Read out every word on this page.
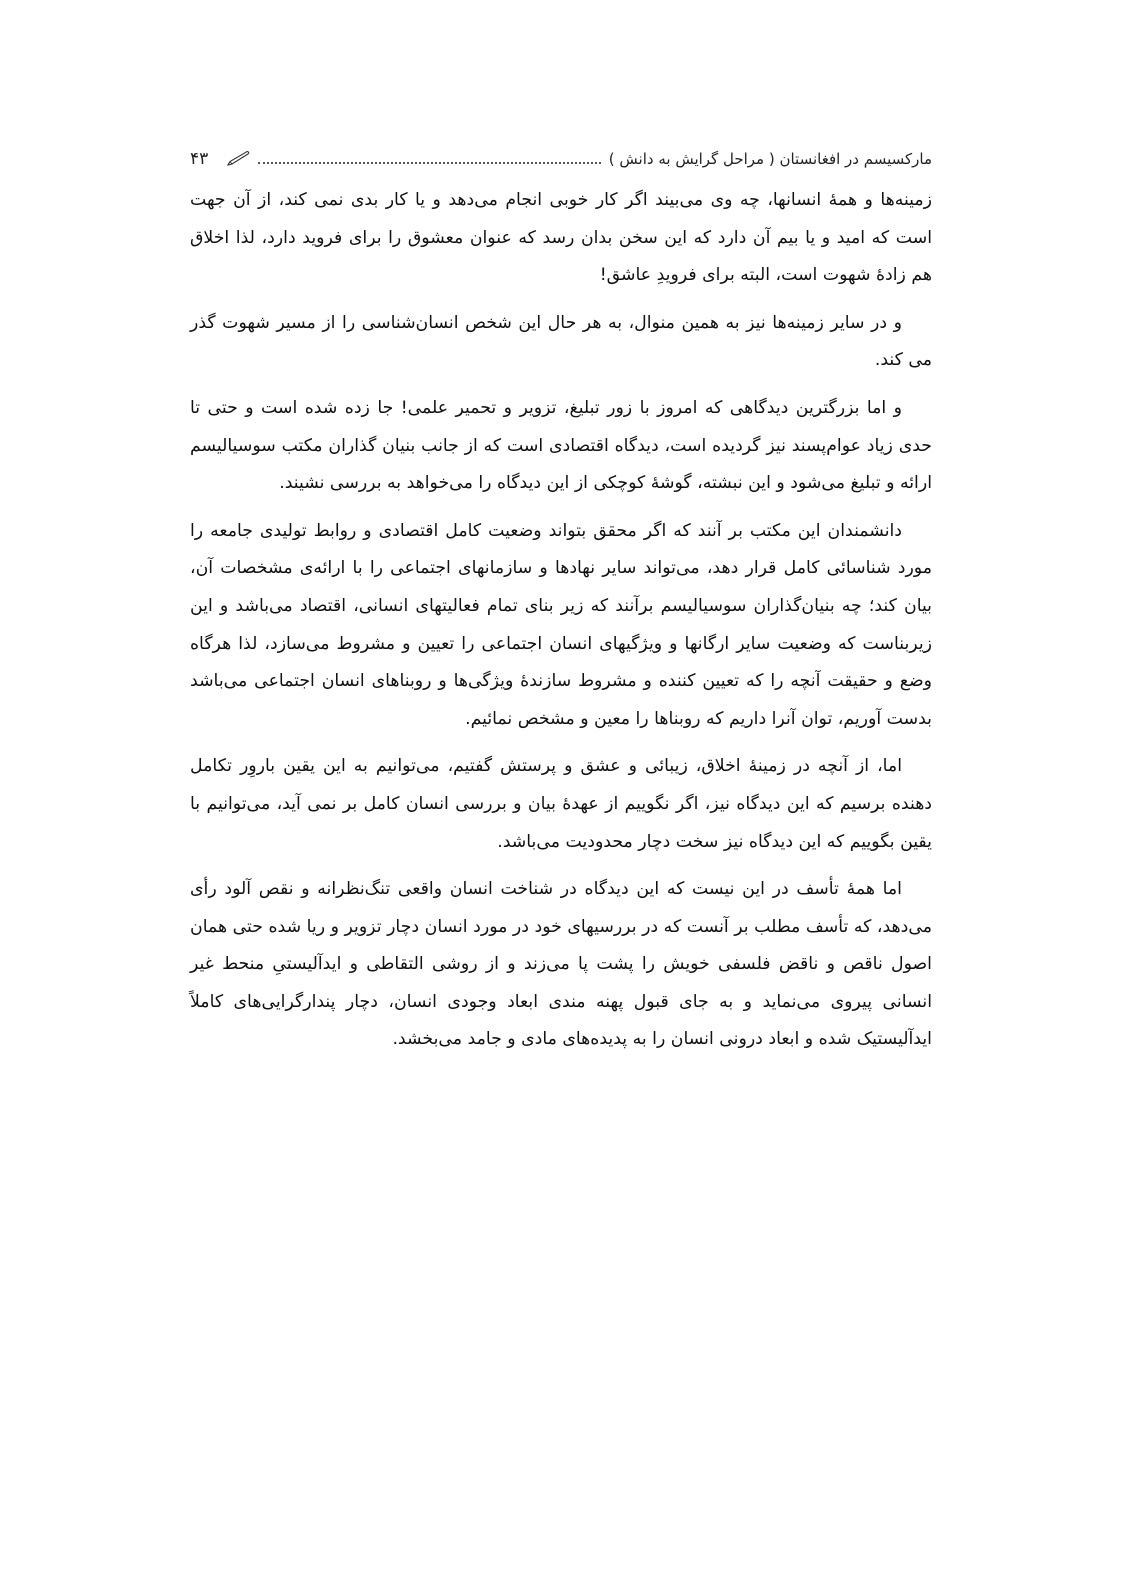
۴۳	مارکسیسم در افغانستان ( مراحل گرایش به دانش )

زمینه‌ها و همهٔ انسانها، چه وی می‌بیند اگر کار خوبی انجام می‌دهد و یا کار بدی نمی کند، از آن جهت است که امید و یا بیم آن دارد که این سخن بدان رسد که عنوان معشوق را برای فروید دارد، لذا اخلاق هم زادهٔ شهوت است، البته برای فرویدِ عاشق!

و در سایر زمینه‌ها نیز به همین منوال، به هر حال این شخص انسان‌شناسی را از مسیر شهوت گذر می کند.

و اما بزرگترین دیدگاهی که امروز با زور تبلیغ، تزویر و تحمیر علمی! جا زده شده است و حتی تا حدی زیاد عوام‌پسند نیز گردیده است، دیدگاه اقتصادی است که از جانب بنیان گذاران مکتب سوسیالیسم ارائه و تبلیغ می‌شود و این نبشته، گوشهٔ کوچکی از این دیدگاه را می‌خواهد به بررسی نشیند.

دانشمندان این مکتب بر آنند که اگر محقق بتواند وضعیت کامل اقتصادی و روابط تولیدی جامعه را مورد شناسائی کامل قرار دهد، می‌تواند سایر نهادها و سازمانهای اجتماعی را با ارائه‌ی مشخصات آن، بیان کند؛ چه بنیان‌گذاران سوسیالیسم برآنند که زیر بنای تمام فعالیتهای انسانی، اقتصاد می‌باشد و این زیربناست که وضعیت سایر ارگانها و ویژگیهای انسان اجتماعی را تعیین و مشروط می‌سازد، لذا هرگاه وضع و حقیقت آنچه را که تعیین کننده و مشروط سازندهٔ ویژگی‌ها و روبناهای انسان اجتماعی می‌باشد بدست آوریم، توان آنرا داریم که روبناها را معین و مشخص نمائیم.

اما، از آنچه در زمینهٔ اخلاق، زیبائی و عشق و پرستش گفتیم، می‌توانیم به این یقین باروِر تکامل دهنده برسیم که این دیدگاه نیز، اگر نگوییم از عهدهٔ بیان و بررسی انسان کامل بر نمی آید، می‌توانیم با یقین بگوییم که این دیدگاه نیز سخت دچار محدودیت می‌باشد.

اما همهٔ تأسف در این نیست که این دیدگاه در شناخت انسان واقعی تنگ‌نظرانه و نقص آلود رأی می‌دهد، که تأسف مطلب بر آنست که در بررسیهای خود در مورد انسان دچار تزویر و ریا شده حتی همان اصول ناقص و ناقض فلسفی خویش را پشت پا می‌زند و از روشی التقاطی و ایدآلیستیِ منحط غیر انسانی پیروی می‌نماید و به جای قبول پهنه مندی ابعاد وجودی انسان، دچار پندارگرایی‌های کاملاً ایدآلیستیک شده و ابعاد درونی انسان را به پدیده‌های مادی و جامد می‌بخشد.
